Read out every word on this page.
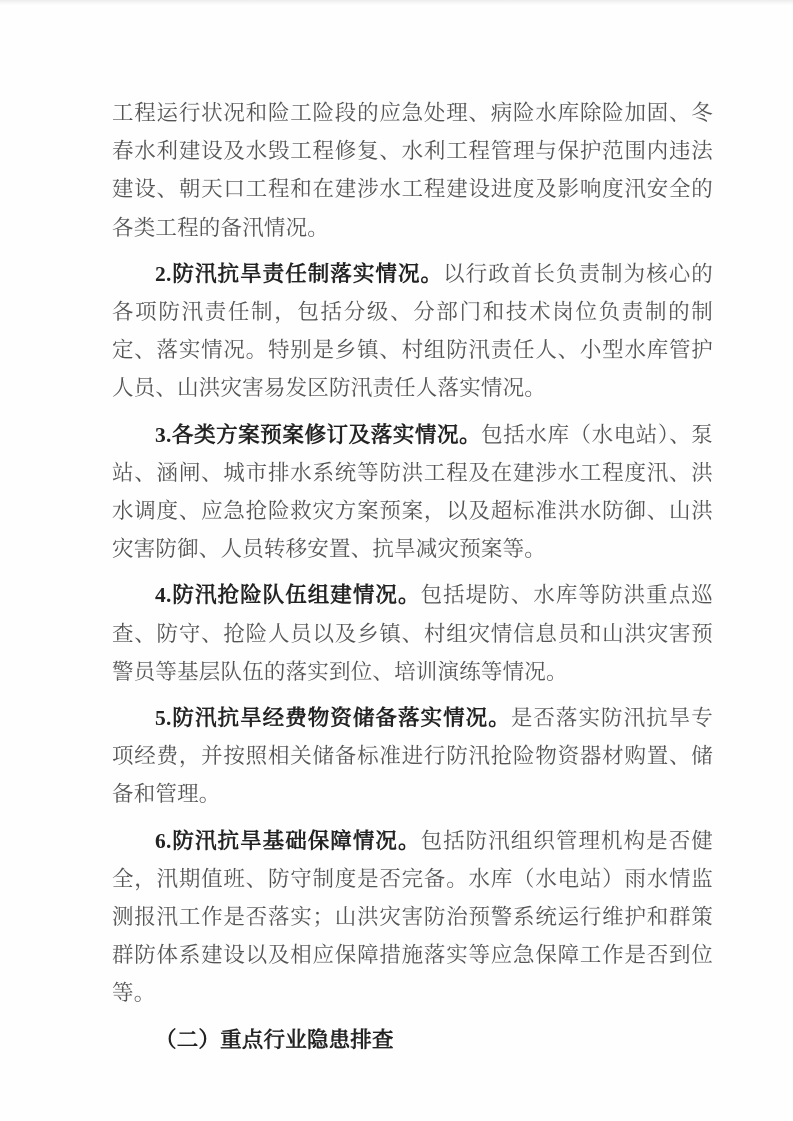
工程运行状况和险工险段的应急处理、病险水库除险加固、冬春水利建设及水毁工程修复、水利工程管理与保护范围内违法建设、朝天口工程和在建涉水工程建设进度及影响度汛安全的各类工程的备汛情况。

2.防汛抗旱责任制落实情况。以行政首长负责制为核心的各项防汛责任制，包括分级、分部门和技术岗位负责制的制定、落实情况。特别是乡镇、村组防汛责任人、小型水库管护人员、山洪灾害易发区防汛责任人落实情况。

3.各类方案预案修订及落实情况。包括水库（水电站）、泵站、涵闸、城市排水系统等防洪工程及在建涉水工程度汛、洪水调度、应急抢险救灾方案预案，以及超标准洪水防御、山洪灾害防御、人员转移安置、抗旱减灾预案等。

4.防汛抢险队伍组建情况。包括堤防、水库等防洪重点巡查、防守、抢险人员以及乡镇、村组灾情信息员和山洪灾害预警员等基层队伍的落实到位、培训演练等情况。

5.防汛抗旱经费物资储备落实情况。是否落实防汛抗旱专项经费，并按照相关储备标准进行防汛抢险物资器材购置、储备和管理。

6.防汛抗旱基础保障情况。包括防汛组织管理机构是否健全，汛期值班、防守制度是否完备。水库（水电站）雨水情监测报汛工作是否落实；山洪灾害防治预警系统运行维护和群策群防体系建设以及相应保障措施落实等应急保障工作是否到位等。

（二）重点行业隐患排查
